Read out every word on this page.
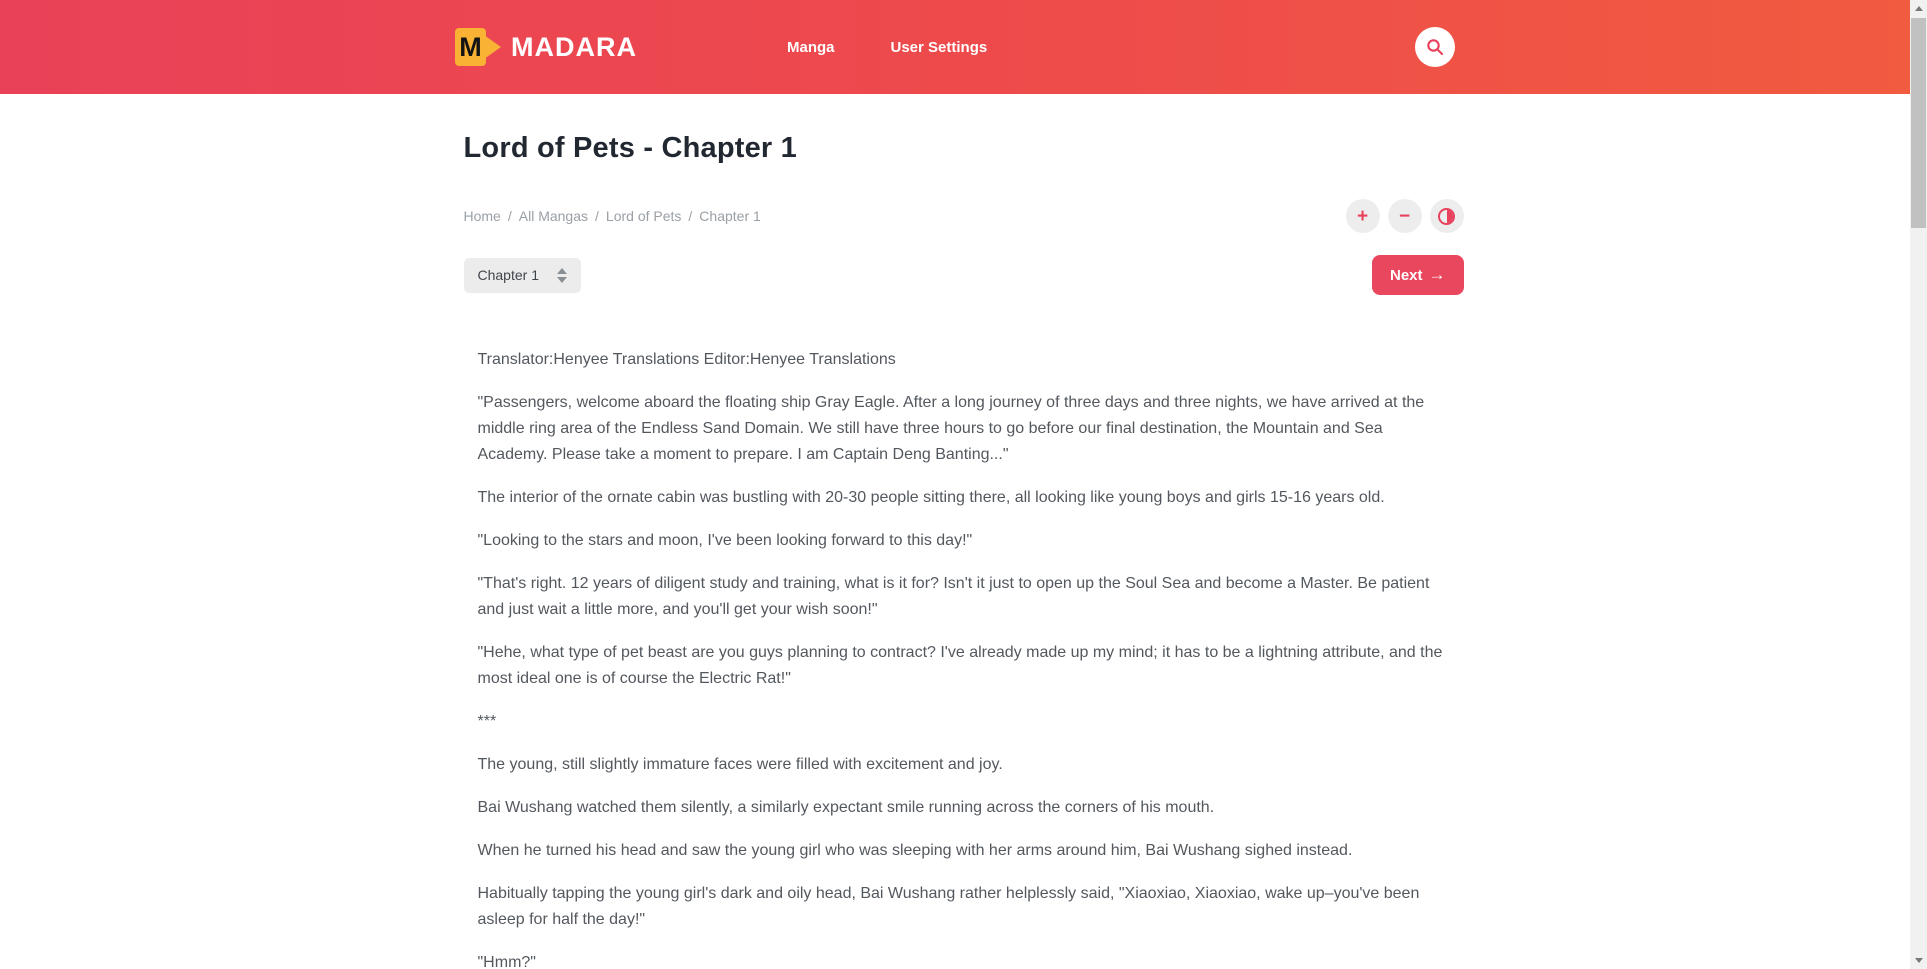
M MADARA	Manga	User Settings
Lord of Pets - Chapter 1
Home / All Mangas / Lord of Pets / Chapter 1	+ −
Chapter 1	Next →

Translator:Henyee Translations Editor:Henyee Translations

"Passengers, welcome aboard the floating ship Gray Eagle. After a long journey of three days and three nights, we have arrived at the middle ring area of the Endless Sand Domain. We still have three hours to go before our final destination, the Mountain and Sea Academy. Please take a moment to prepare. I am Captain Deng Banting..."

The interior of the ornate cabin was bustling with 20-30 people sitting there, all looking like young boys and girls 15-16 years old.

"Looking to the stars and moon, I've been looking forward to this day!"

"That's right. 12 years of diligent study and training, what is it for? Isn't it just to open up the Soul Sea and become a Master. Be patient and just wait a little more, and you'll get your wish soon!"

"Hehe, what type of pet beast are you guys planning to contract? I've already made up my mind; it has to be a lightning attribute, and the most ideal one is of course the Electric Rat!"

***

The young, still slightly immature faces were filled with excitement and joy.

Bai Wushang watched them silently, a similarly expectant smile running across the corners of his mouth.

When he turned his head and saw the young girl who was sleeping with her arms around him, Bai Wushang sighed instead.

Habitually tapping the young girl's dark and oily head, Bai Wushang rather helplessly said, "Xiaoxiao, Xiaoxiao, wake up–you've been asleep for half the day!"

"Hmm?"
